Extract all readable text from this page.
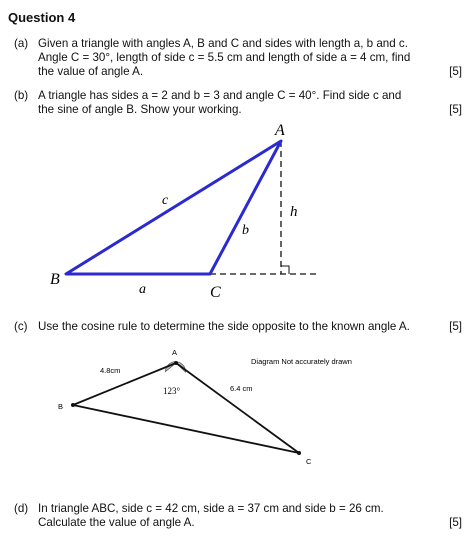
Question 4
(a) Given a triangle with angles A, B and C and sides with length a, b and c.
Angle C = 30°, length of side c = 5.5 cm and length of side a = 4 cm, find
the value of angle A.	[5]
(b) A triangle has sides a = 2 and b = 3 and angle C = 40°. Find side c and
the sine of angle B. Show your working.	[5]
A
B
C
a
b
c
h
(c) Use the cosine rule to determine the side opposite to the known angle A.	[5]
A
B
C
4.8cm
6.4 cm
123°
Diagram Not accurately drawn
(d) In triangle ABC, side c = 42 cm, side a = 37 cm and side b = 26 cm.
Calculate the value of angle A.	[5]
